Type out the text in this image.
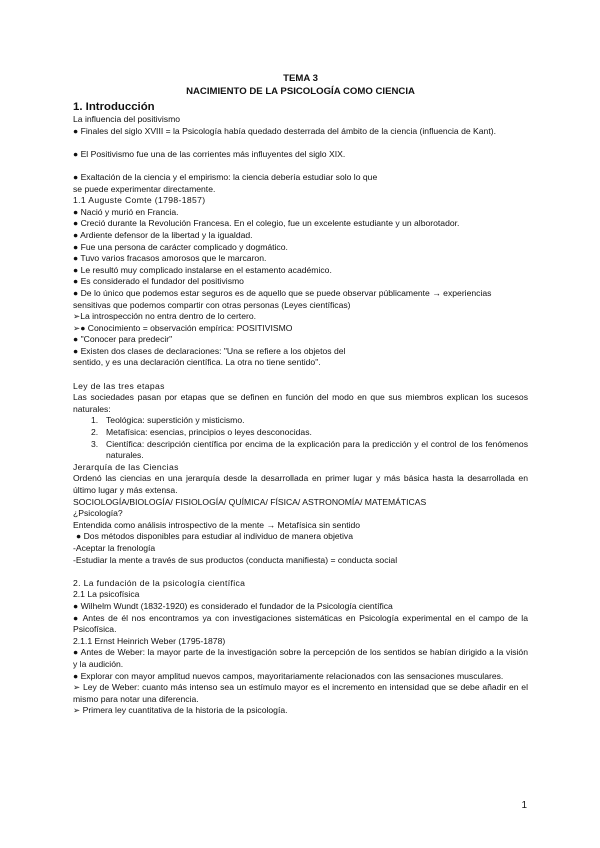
TEMA 3
NACIMIENTO DE LA PSICOLOGÍA COMO CIENCIA
1. Introducción
La influencia del positivismo
● Finales del siglo XVIII = la Psicología había quedado desterrada del ámbito de la ciencia (influencia de Kant).
● El Positivismo fue una de las corrientes más influyentes del siglo XIX.
● Exaltación de la ciencia y el empirismo: la ciencia debería estudiar solo lo que
se puede experimentar directamente.
1.1 Auguste Comte (1798-1857)
● Nació y murió en Francia.
● Creció durante la Revolución Francesa. En el colegio, fue un excelente estudiante y un alborotador.
● Ardiente defensor de la libertad y la igualdad.
● Fue una persona de carácter complicado y dogmático.
● Tuvo varios fracasos amorosos que le marcaron.
● Le resultó muy complicado instalarse en el estamento académico.
● Es considerado el fundador del positivismo
● De lo único que podemos estar seguros es de aquello que se puede observar públicamente → experiencias sensitivas que podemos compartir con otras personas (Leyes científicas)
➢La introspección no entra dentro de lo certero.
➢● Conocimiento = observación empírica: POSITIVISMO
● "Conocer para predecir"
● Existen dos clases de declaraciones: "Una se refiere a los objetos del
sentido, y es una declaración científica. La otra no tiene sentido".
Ley de las tres etapas
Las sociedades pasan por etapas que se definen en función del modo en que sus miembros explican los sucesos naturales:
1. Teológica: superstición y misticismo.
2. Metafísica: esencias, principios o leyes desconocidas.
3. Científica: descripción científica por encima de la explicación para la predicción y el control de los fenómenos naturales.
Jerarquía de las Ciencias
Ordenó las ciencias en una jerarquía desde la desarrollada en primer lugar y más básica hasta la desarrollada en último lugar y más extensa.
SOCIOLOGÍA/BIOLOGÍA/ FISIOLOGÍA/ QUÍMICA/ FÍSICA/ ASTRONOMÍA/ MATEMÁTICAS
¿Psicología?
Entendida como análisis introspectivo de la mente → Metafísica sin sentido
● Dos métodos disponibles para estudiar al individuo de manera objetiva
-Aceptar la frenología
-Estudiar la mente a través de sus productos (conducta manifiesta) = conducta social
2. La fundación de la psicología científica
2.1 La psicofísica
● Wilhelm Wundt (1832-1920) es considerado el fundador de la Psicología científica
● Antes de él nos encontramos ya con investigaciones sistemáticas en Psicología experimental en el campo de la Psicofísica.
2.1.1 Ernst Heinrich Weber (1795-1878)
● Antes de Weber: la mayor parte de la investigación sobre la percepción de los sentidos se habían dirigido a la visión y la audición.
● Explorar con mayor amplitud nuevos campos, mayoritariamente relacionados con las sensaciones musculares.
➢ Ley de Weber: cuanto más intenso sea un estímulo mayor es el incremento en intensidad que se debe añadir en el mismo para notar una diferencia.
➢ Primera ley cuantitativa de la historia de la psicología.
1
